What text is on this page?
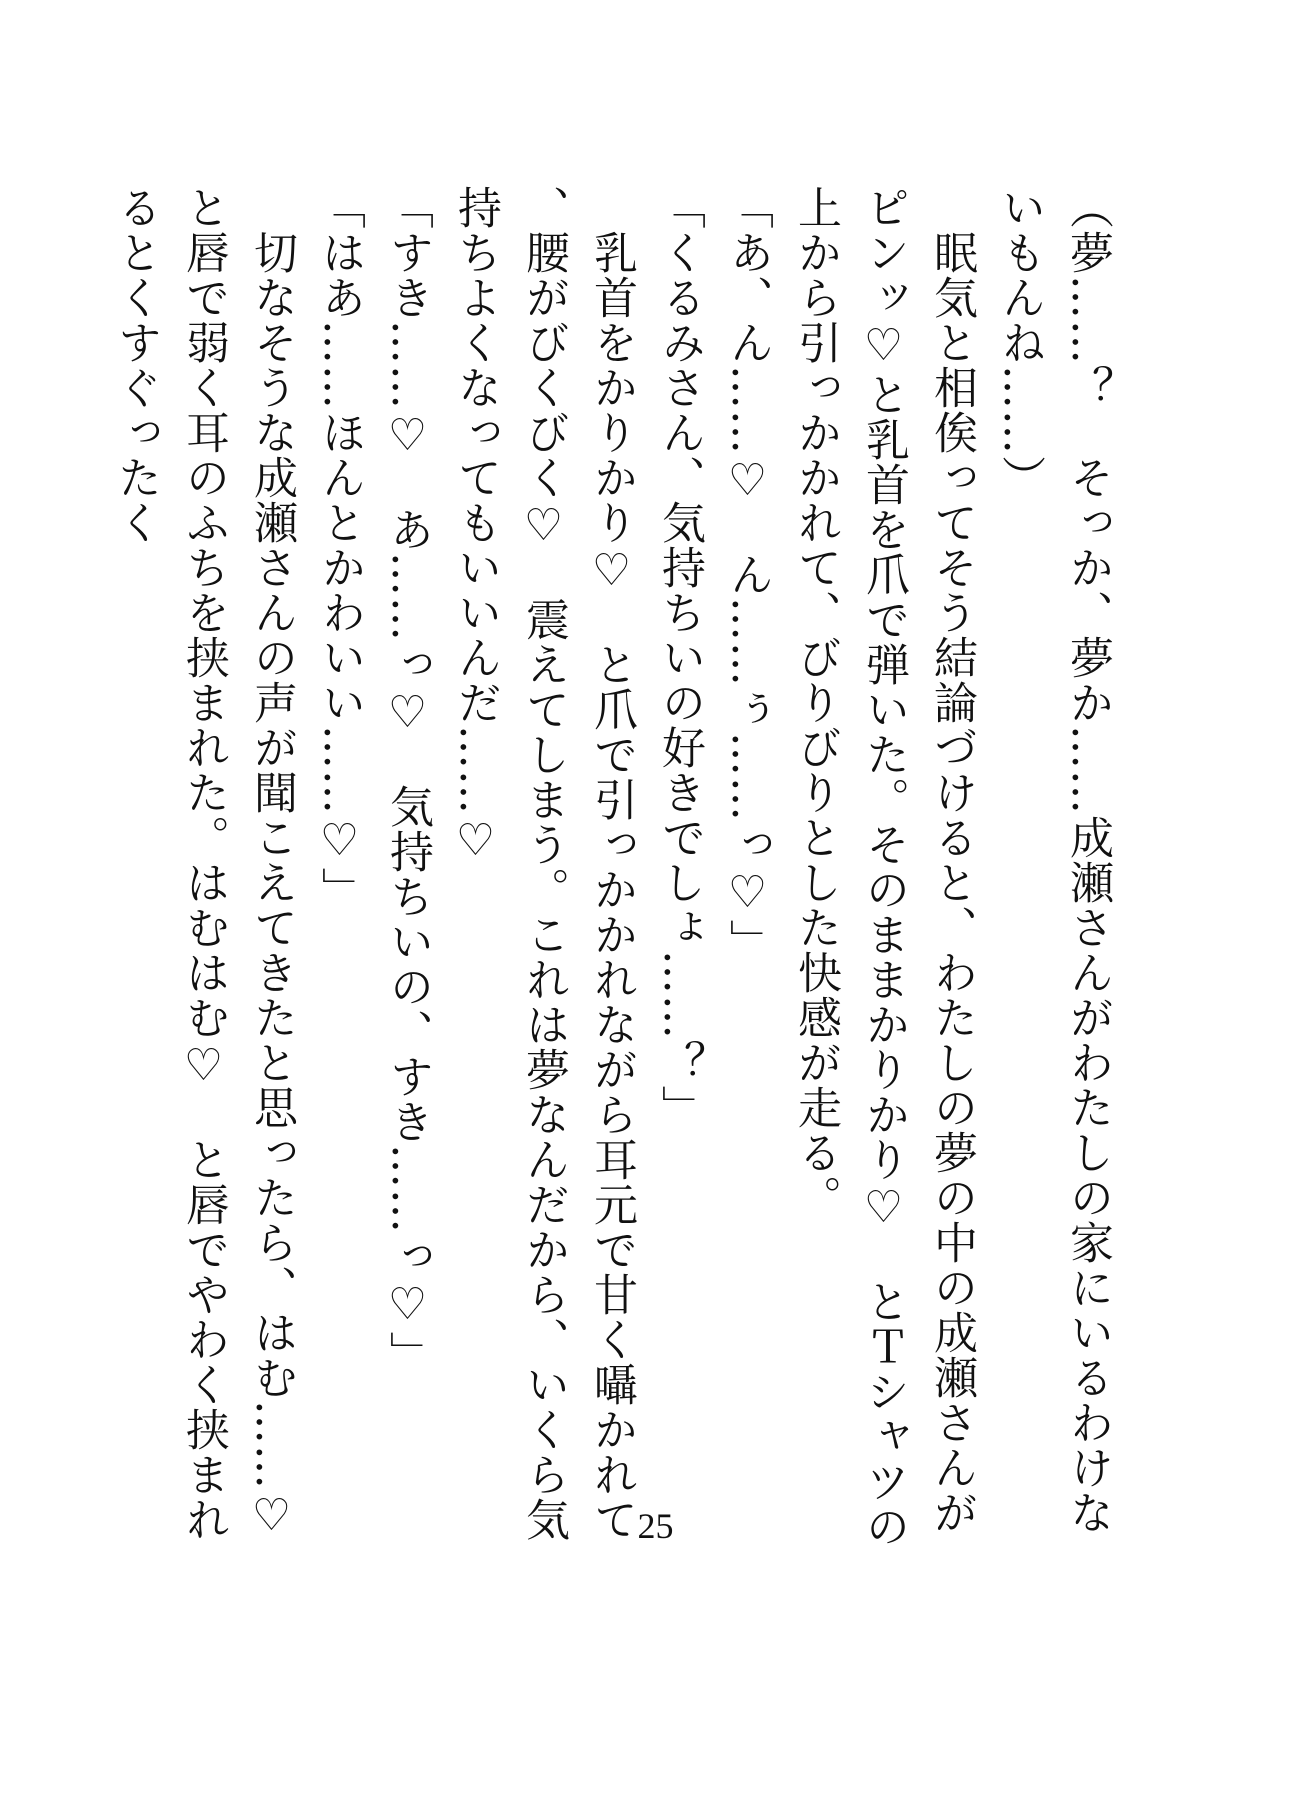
（夢……？　そっか、夢か……成瀬さんがわたしの家にいるわけないもんね……）

　眠気と相俟ってそう結論づけると、わたしの夢の中の成瀬さんがピンッ♡と乳首を爪で弾いた。そのままかりかり♡　とＴシャツの上から引っかかれて、びりびりとした快感が走る。

「あ、ん……♡　ん……ぅ……っ♡」

「くるみさん、気持ちいの好きでしょ……？」

　乳首をかりかり♡　と爪で引っかかれながら耳元で甘く囁かれて、腰がびくびく♡　震えてしまう。これは夢なんだから、いくら気持ちよくなってもいいんだ……♡

「すき……♡　あ……っ♡　気持ちいの、すき……っ♡」

「はあ……ほんとかわいい……♡」

　切なそうな成瀬さんの声が聞こえてきたと思ったら、はむ……♡　と唇で弱く耳のふちを挟まれた。はむはむ♡　と唇でやわく挟まれるとくすぐったく

25
